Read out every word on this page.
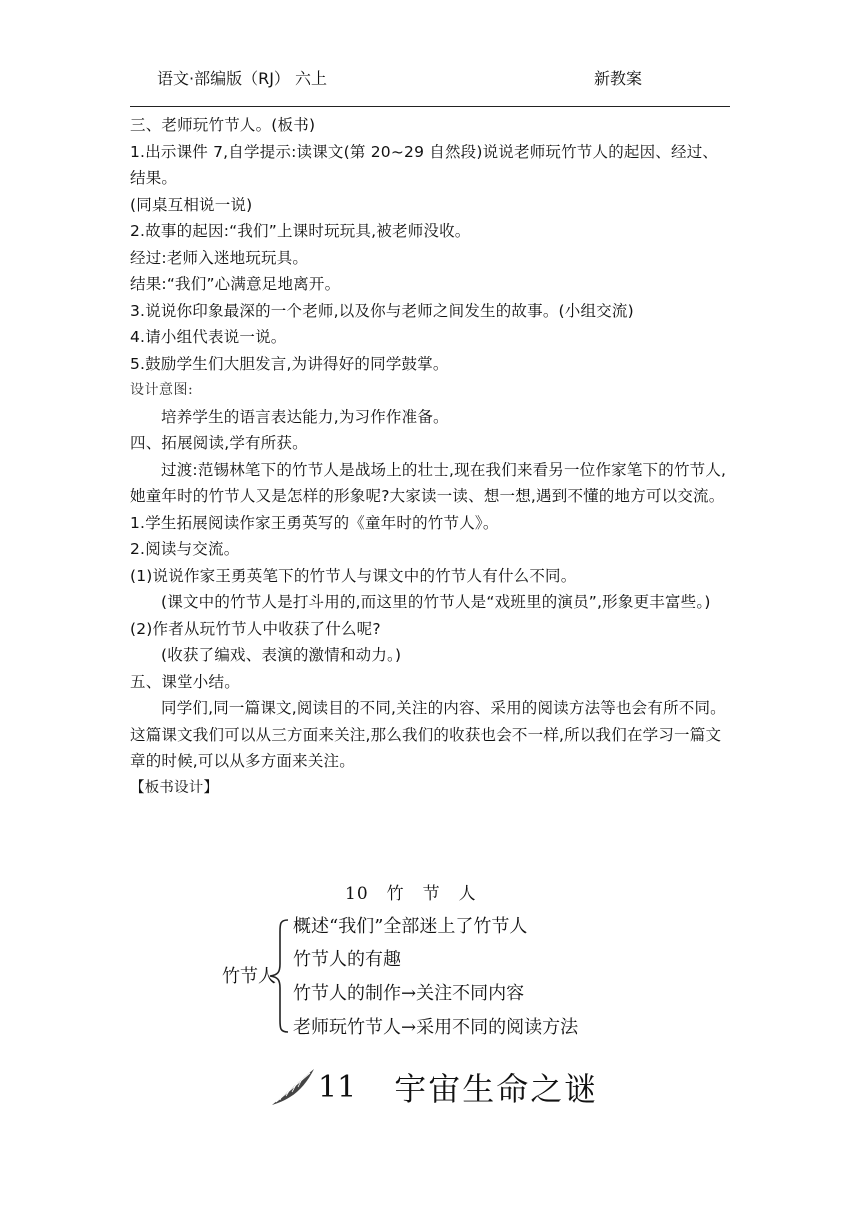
语文·部编版（RJ） 六上	新教案

三、老师玩竹节人。(板书)

1.出示课件 7,自学提示:读课文(第 20~29 自然段)说说老师玩竹节人的起因、经过、结果。

(同桌互相说一说)

2.故事的起因:“我们”上课时玩玩具,被老师没收。

经过:老师入迷地玩玩具。

结果:“我们”心满意足地离开。

3.说说你印象最深的一个老师,以及你与老师之间发生的故事。(小组交流)

4.请小组代表说一说。

5.鼓励学生们大胆发言,为讲得好的同学鼓掌。

设计意图:

培养学生的语言表达能力,为习作作准备。

四、拓展阅读,学有所获。

过渡:范锡林笔下的竹节人是战场上的壮士,现在我们来看另一位作家笔下的竹节人,她童年时的竹节人又是怎样的形象呢?大家读一读、想一想,遇到不懂的地方可以交流。

1.学生拓展阅读作家王勇英写的《童年时的竹节人》。

2.阅读与交流。

(1)说说作家王勇英笔下的竹节人与课文中的竹节人有什么不同。

(课文中的竹节人是打斗用的,而这里的竹节人是“戏班里的演员”,形象更丰富些。)

(2)作者从玩竹节人中收获了什么呢?

(收获了编戏、表演的激情和动力。)

五、课堂小结。

同学们,同一篇课文,阅读目的不同,关注的内容、采用的阅读方法等也会有所不同。这篇课文我们可以从三方面来关注,那么我们的收获也会不一样,所以我们在学习一篇文章的时候,可以从多方面来关注。

【板书设计】

10　竹　节　人
竹节人
概述“我们”全部迷上了竹节人
竹节人的有趣
竹节人的制作→关注不同内容
老师玩竹节人→采用不同的阅读方法
11 宇宙生命之谜
